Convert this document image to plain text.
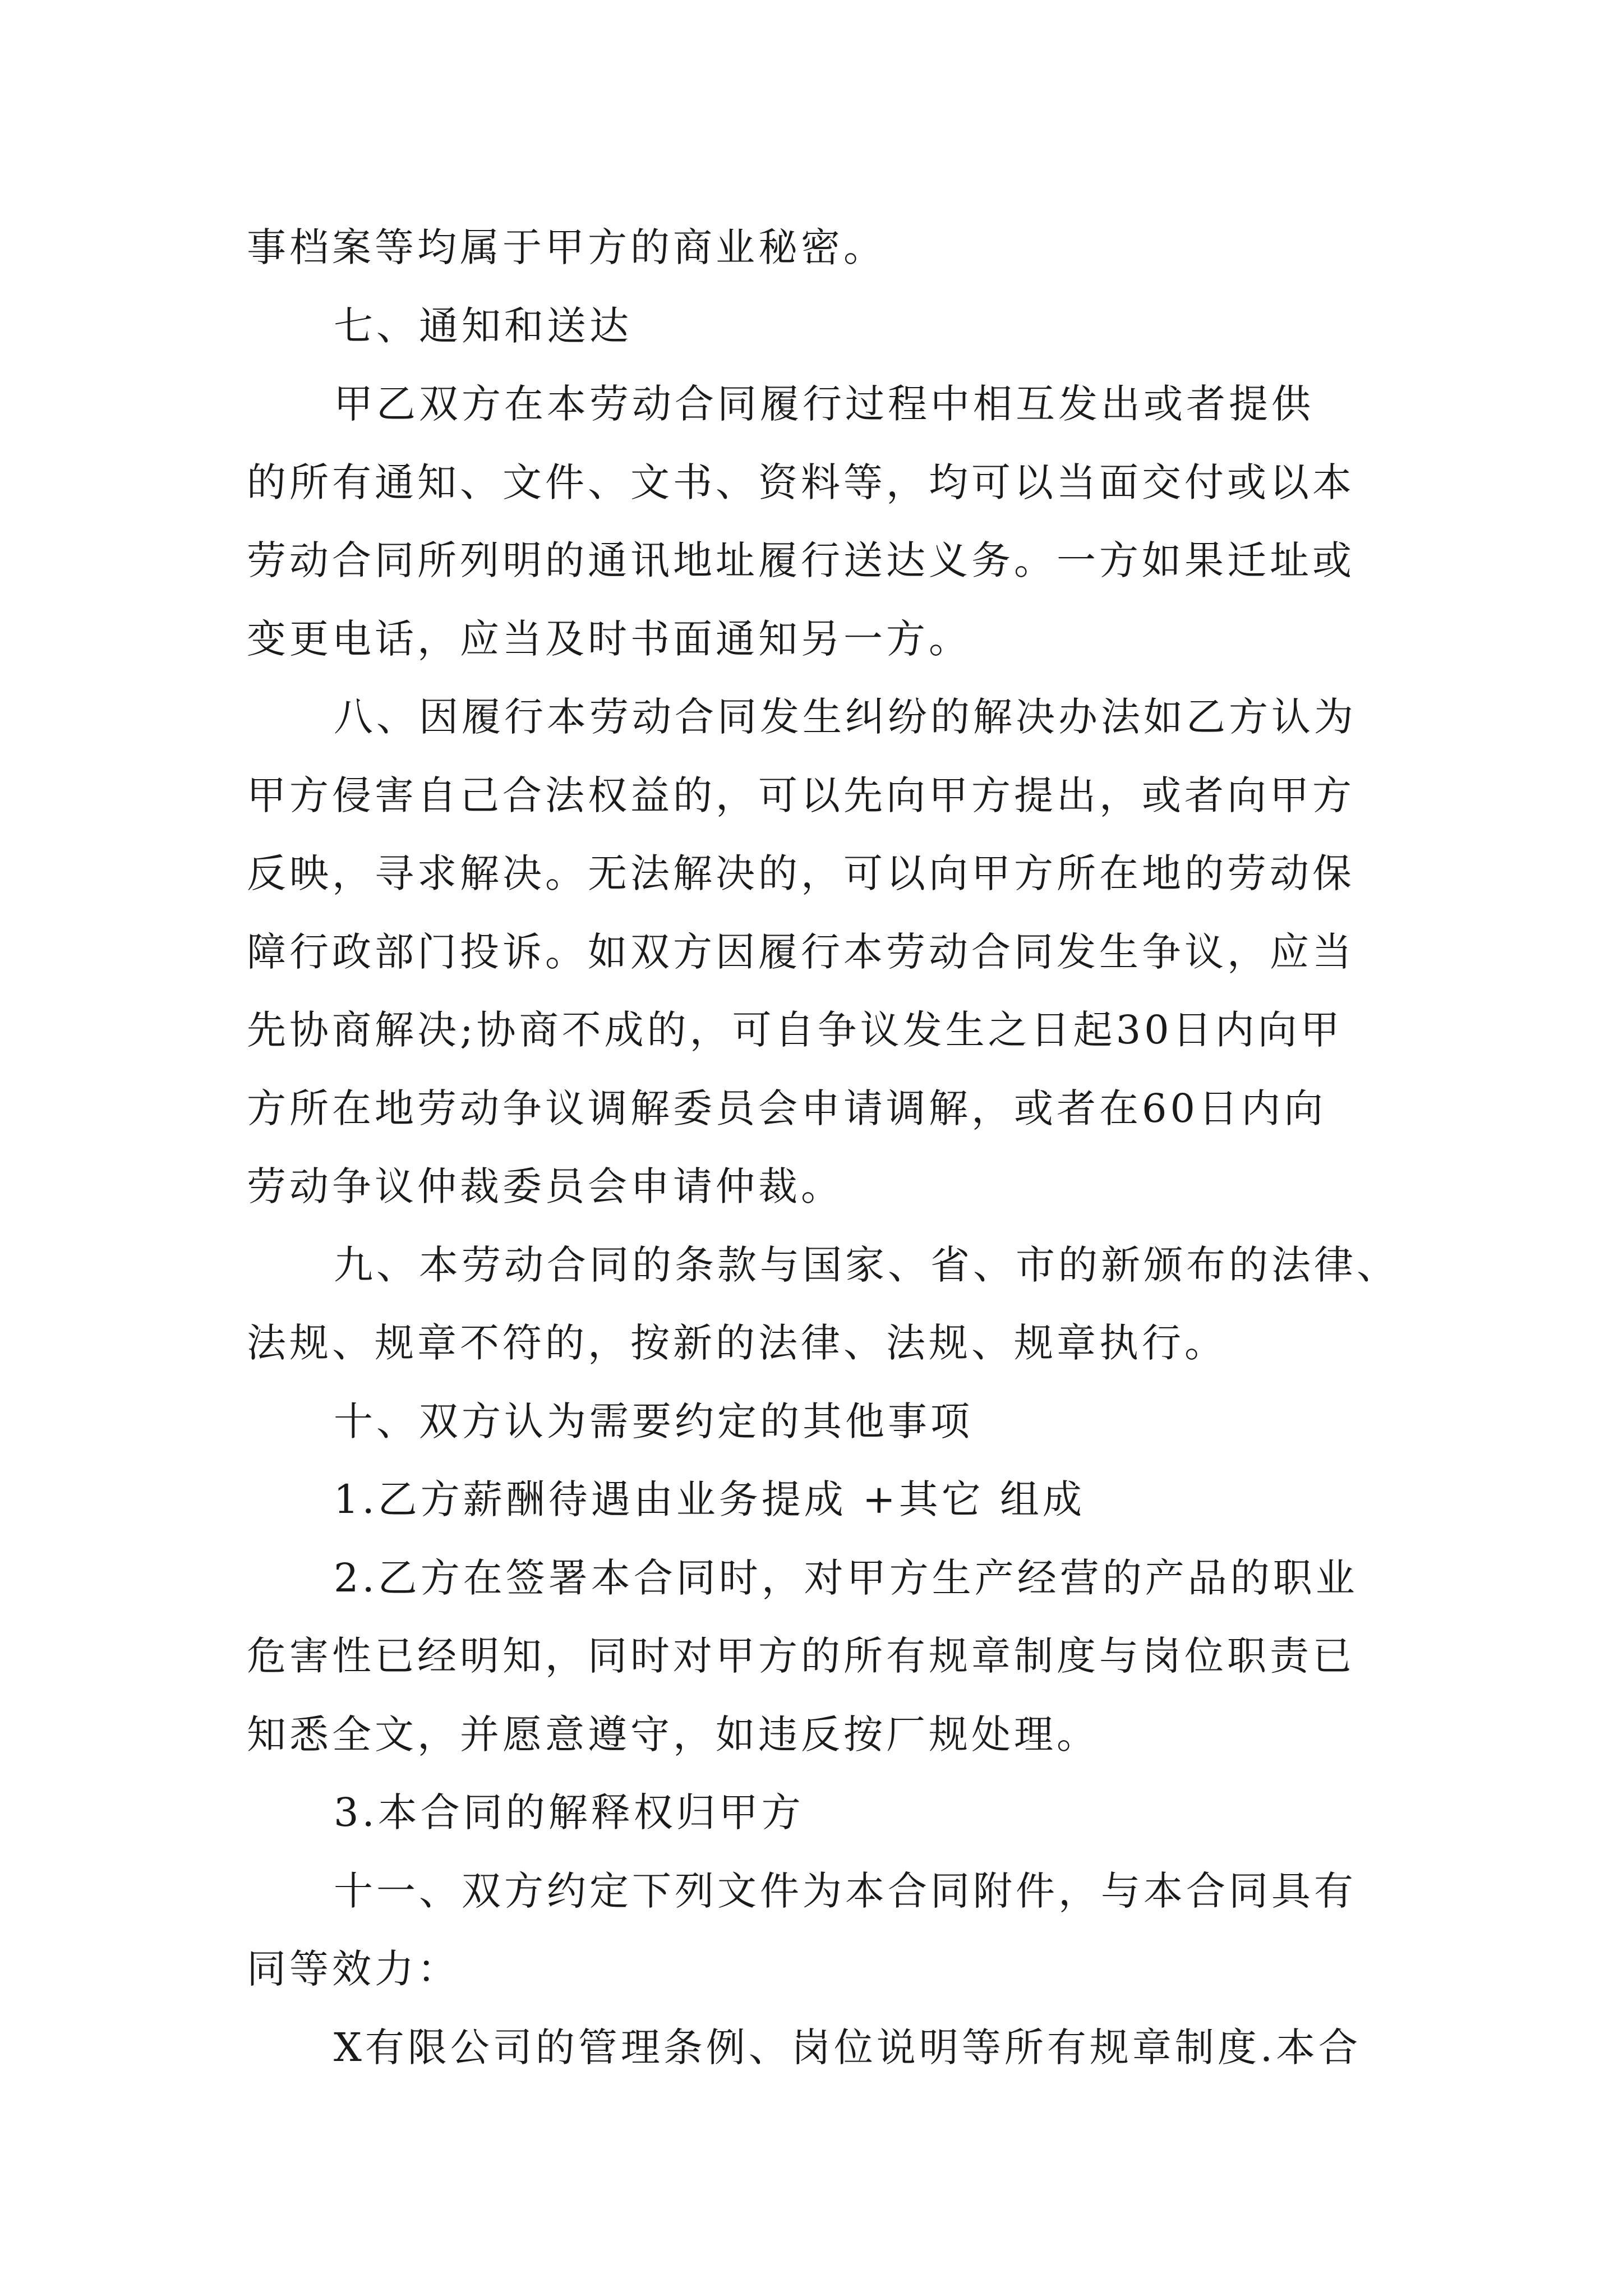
事档案等均属于甲方的商业秘密。
七、通知和送达
甲乙双方在本劳动合同履行过程中相互发出或者提供
的所有通知、文件、文书、资料等，均可以当面交付或以本
劳动合同所列明的通讯地址履行送达义务。一方如果迁址或
变更电话，应当及时书面通知另一方。
八、因履行本劳动合同发生纠纷的解决办法如乙方认为
甲方侵害自己合法权益的，可以先向甲方提出，或者向甲方
反映，寻求解决。无法解决的，可以向甲方所在地的劳动保
障行政部门投诉。如双方因履行本劳动合同发生争议，应当
先协商解决;协商不成的，可自争议发生之日起30日内向甲
方所在地劳动争议调解委员会申请调解，或者在60日内向
劳动争议仲裁委员会申请仲裁。
九、本劳动合同的条款与国家、省、市的新颁布的法律、
法规、规章不符的，按新的法律、法规、规章执行。
十、双方认为需要约定的其他事项
1.乙方薪酬待遇由业务提成 +其它 组成
2.乙方在签署本合同时，对甲方生产经营的产品的职业
危害性已经明知，同时对甲方的所有规章制度与岗位职责已
知悉全文，并愿意遵守，如违反按厂规处理。
3.本合同的解释权归甲方
十一、双方约定下列文件为本合同附件，与本合同具有
同等效力：
X有限公司的管理条例、岗位说明等所有规章制度.本合
